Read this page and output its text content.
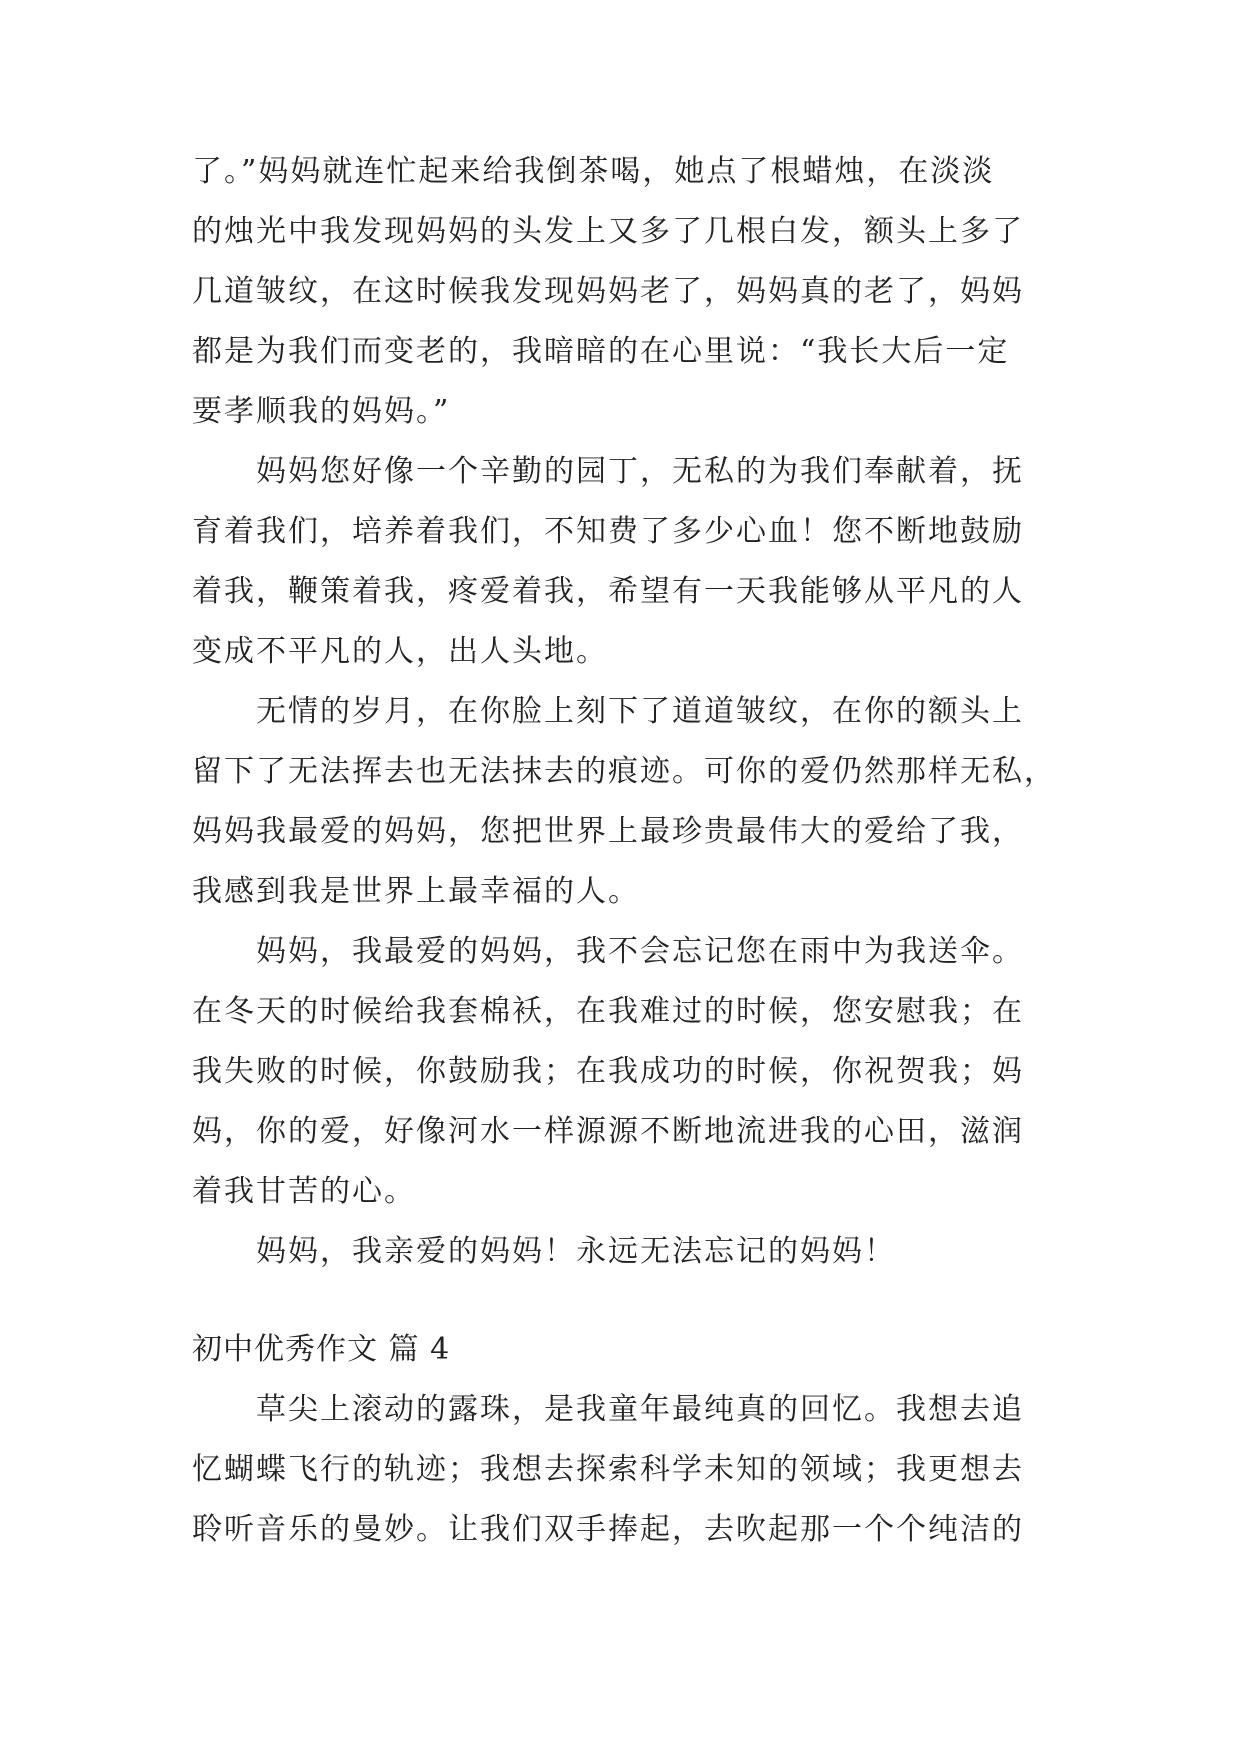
了。”妈妈就连忙起来给我倒茶喝，她点了根蜡烛，在淡淡
的烛光中我发现妈妈的头发上又多了几根白发，额头上多了
几道皱纹，在这时候我发现妈妈老了，妈妈真的老了，妈妈
都是为我们而变老的，我暗暗的在心里说：“我长大后一定
要孝顺我的妈妈。”
　　妈妈您好像一个辛勤的园丁，无私的为我们奉献着，抚
育着我们，培养着我们，不知费了多少心血！您不断地鼓励
着我，鞭策着我，疼爱着我，希望有一天我能够从平凡的人
变成不平凡的人，出人头地。
　　无情的岁月，在你脸上刻下了道道皱纹，在你的额头上
留下了无法挥去也无法抹去的痕迹。可你的爱仍然那样无私，
妈妈我最爱的妈妈，您把世界上最珍贵最伟大的爱给了我，
我感到我是世界上最幸福的人。
　　妈妈，我最爱的妈妈，我不会忘记您在雨中为我送伞。
在冬天的时候给我套棉袄，在我难过的时候，您安慰我；在
我失败的时候，你鼓励我；在我成功的时候，你祝贺我；妈
妈，你的爱，好像河水一样源源不断地流进我的心田，滋润
着我甘苦的心。
　　妈妈，我亲爱的妈妈！永远无法忘记的妈妈！
初中优秀作文 篇 4
　　草尖上滚动的露珠，是我童年最纯真的回忆。我想去追
忆蝴蝶飞行的轨迹；我想去探索科学未知的领域；我更想去
聆听音乐的曼妙。让我们双手捧起，去吹起那一个个纯洁的
